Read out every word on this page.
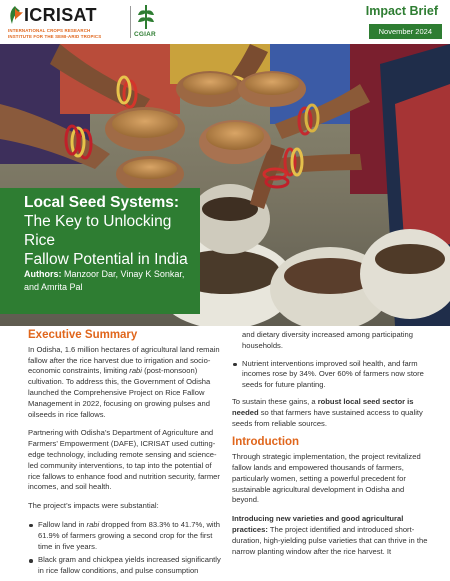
ICRISAT
INTERNATIONAL CROPS RESEARCH
INSTITUTE FOR THE SEMI-ARID TROPICS	CGIAR
Impact Brief
November 2024
Local Seed Systems:
The Key to Unlocking Rice
Fallow Potential in India
Authors: Manzoor Dar, Vinay K Sonkar, and Amrita Pal
Executive Summary

In Odisha, 1.6 million hectares of agricultural land remain fallow after the rice harvest due to irrigation and socio-economic constraints, limiting rabi (post-monsoon) cultivation. To address this, the Government of Odisha launched the Comprehensive Project on Rice Fallow Management in 2022, focusing on growing pulses and oilseeds in rice fallows.

Partnering with Odisha’s Department of Agriculture and Farmers’ Empowerment (DAFE), ICRISAT used cutting-edge technology, including remote sensing and science-led community interventions, to tap into the potential of rice fallows to enhance food and nutrition security, farmer incomes, and soil health.

The project’s impacts were substantial:

Fallow land in rabi dropped from 83.3% to 41.7%, with 61.9% of farmers growing a second crop for the first time in five years.
Black gram and chickpea yields increased significantly in rice fallow conditions, and pulse consumption

and dietary diversity increased among participating households.

Nutrient interventions improved soil health, and farm incomes rose by 34%. Over 60% of farmers now store seeds for future planting.

To sustain these gains, a robust local seed sector is needed so that farmers have sustained access to quality seeds from reliable sources.

Introduction

Through strategic implementation, the project revitalized fallow lands and empowered thousands of farmers, particularly women, setting a powerful precedent for sustainable agricultural development in Odisha and beyond.

Introducing new varieties and good agricultural practices: The project identified and introduced short-duration, high-yielding pulse varieties that can thrive in the narrow planting window after the rice harvest. It
